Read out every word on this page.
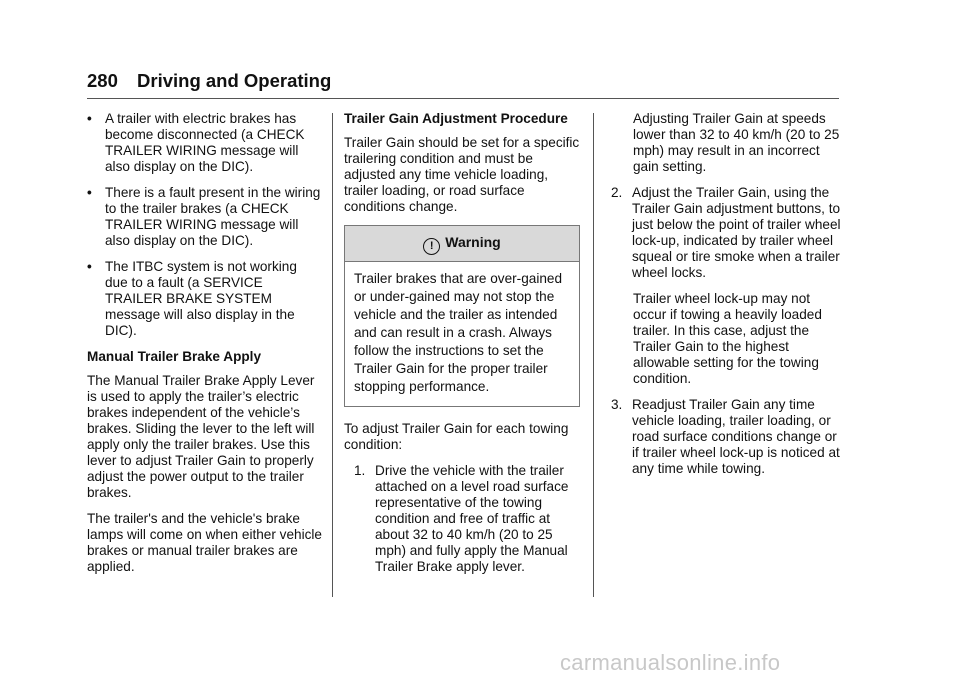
280 Driving and Operating
• A trailer with electric brakes has become disconnected (a CHECK TRAILER WIRING message will also display on the DIC).
• There is a fault present in the wiring to the trailer brakes (a CHECK TRAILER WIRING message will also display on the DIC).
• The ITBC system is not working due to a fault (a SERVICE TRAILER BRAKE SYSTEM message will also display in the DIC).
Manual Trailer Brake Apply
The Manual Trailer Brake Apply Lever is used to apply the trailer’s electric brakes independent of the vehicle’s brakes. Sliding the lever to the left will apply only the trailer brakes. Use this lever to adjust Trailer Gain to properly adjust the power output to the trailer brakes.
The trailer's and the vehicle's brake lamps will come on when either vehicle brakes or manual trailer brakes are applied.
Trailer Gain Adjustment Procedure
Trailer Gain should be set for a specific trailering condition and must be adjusted any time vehicle loading, trailer loading, or road surface conditions change.
! Warning
Trailer brakes that are over-gained or under-gained may not stop the vehicle and the trailer as intended and can result in a crash. Always follow the instructions to set the Trailer Gain for the proper trailer stopping performance.
To adjust Trailer Gain for each towing condition:
1. Drive the vehicle with the trailer attached on a level road surface representative of the towing condition and free of traffic at about 32 to 40 km/h (20 to 25 mph) and fully apply the Manual Trailer Brake apply lever.
Adjusting Trailer Gain at speeds lower than 32 to 40 km/h (20 to 25 mph) may result in an incorrect gain setting.
2. Adjust the Trailer Gain, using the Trailer Gain adjustment buttons, to just below the point of trailer wheel lock-up, indicated by trailer wheel squeal or tire smoke when a trailer wheel locks.
Trailer wheel lock-up may not occur if towing a heavily loaded trailer. In this case, adjust the Trailer Gain to the highest allowable setting for the towing condition.
3. Readjust Trailer Gain any time vehicle loading, trailer loading, or road surface conditions change or if trailer wheel lock-up is noticed at any time while towing.
carmanualsonline.info
